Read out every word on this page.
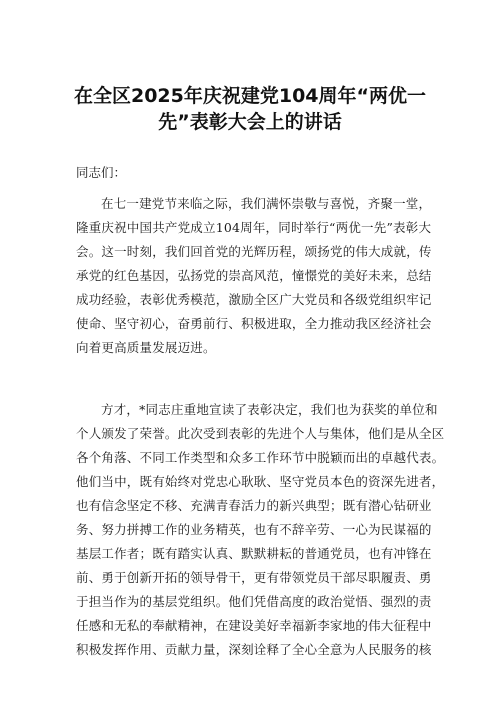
在全区2025年庆祝建党104周年“两优一
先”表彰大会上的讲话

同志们：

在七一建党节来临之际，我们满怀崇敬与喜悦，齐聚一堂，
隆重庆祝中国共产党成立104周年，同时举行“两优一先”表彰大
会。这一时刻，我们回首党的光辉历程，颂扬党的伟大成就，传
承党的红色基因，弘扬党的崇高风范，憧憬党的美好未来，总结
成功经验，表彰优秀模范，激励全区广大党员和各级党组织牢记
使命、坚守初心，奋勇前行、积极进取，全力推动我区经济社会
向着更高质量发展迈进。
方才，*同志庄重地宣读了表彰决定，我们也为获奖的单位和
个人颁发了荣誉。此次受到表彰的先进个人与集体，他们是从全区
各个角落、不同工作类型和众多工作环节中脱颖而出的卓越代表。
他们当中，既有始终对党忠心耿耿、坚守党员本色的资深先进者，
也有信念坚定不移、充满青春活力的新兴典型；既有潜心钻研业
务、努力拼搏工作的业务精英，也有不辞辛劳、一心为民谋福的
基层工作者；既有踏实认真、默默耕耘的普通党员，也有冲锋在
前、勇于创新开拓的领导骨干，更有带领党员干部尽职履责、勇
于担当作为的基层党组织。他们凭借高度的政治觉悟、强烈的责
任感和无私的奉献精神，在建设美好幸福新李家地的伟大征程中
积极发挥作用、贡献力量，深刻诠释了全心全意为人民服务的核
